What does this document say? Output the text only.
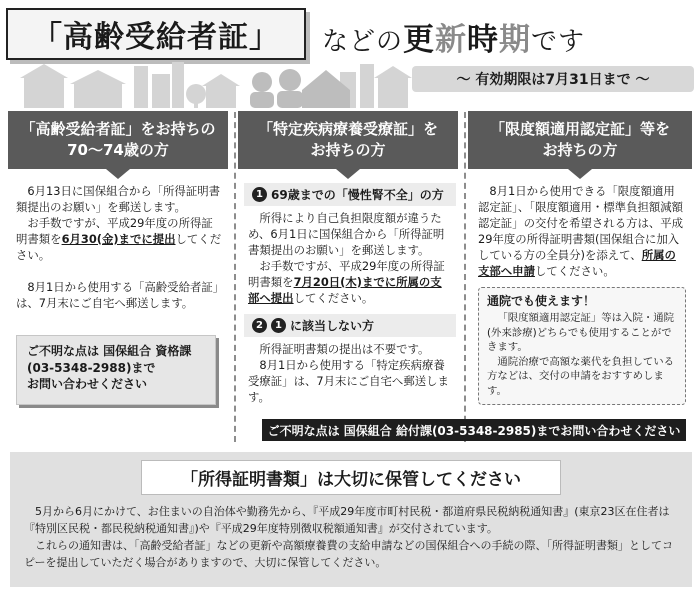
「高齢受給者証」 などの更新時期です
～ 有効期限は7月31日まで ～
「高齢受給者証」をお持ちの
70～74歳の方

6月13日に国保組合から「所得証明書類提出のお願い」を郵送します。

お手数ですが、平成29年度の所得証明書類を6月30(金)までに提出してください。

8月1日から使用する「高齢受給者証」は、7月末にご自宅へ郵送します。

ご不明な点は 国保組合 資格課
(03-5348-2988)まで
お問い合わせください
「特定疾病療養受療証」を
お持ちの方
1 69歳までの「慢性腎不全」の方

所得により自己負担限度額が違うため、6月1日に国保組合から「所得証明書類提出のお願い」を郵送します。

お手数ですが、平成29年度の所得証明書類を7月20日(木)までに所属の支部へ提出してください。

2	1 に該当しない方

所得証明書類の提出は不要です。

8月1日から使用する「特定疾病療養受療証」は、7月末にご自宅へ郵送します。

「限度額適用認定証」等を
お持ちの方

8月1日から使用できる「限度額適用認定証」、「限度額適用・標準負担額減額認定証」の交付を希望される方は、平成29年度の所得証明書類(国保組合に加入している方の全員分)を添えて、所属の支部へ申請してください。

通院でも使えます！

「限度額適用認定証」等は入院・通院(外来診療)どちらでも使用することができます。

通院治療で高額な薬代を負担している方などは、交付の申請をおすすめします。

ご不明な点は 国保組合 給付課(03-5348-2985)までお問い合わせください
「所得証明書類」は大切に保管してください

5月から6月にかけて、お住まいの自治体や勤務先から、『平成29年度市町村民税・都道府県民税納税通知書』(東京23区在住者は『特別区民税・都民税納税通知書』)や『平成29年度特別徴収税額通知書』が交付されています。

これらの通知書は、「高齢受給者証」などの更新や高額療養費の支給申請などの国保組合への手続の際、「所得証明書類」としてコピーを提出していただく場合がありますので、大切に保管してください。
